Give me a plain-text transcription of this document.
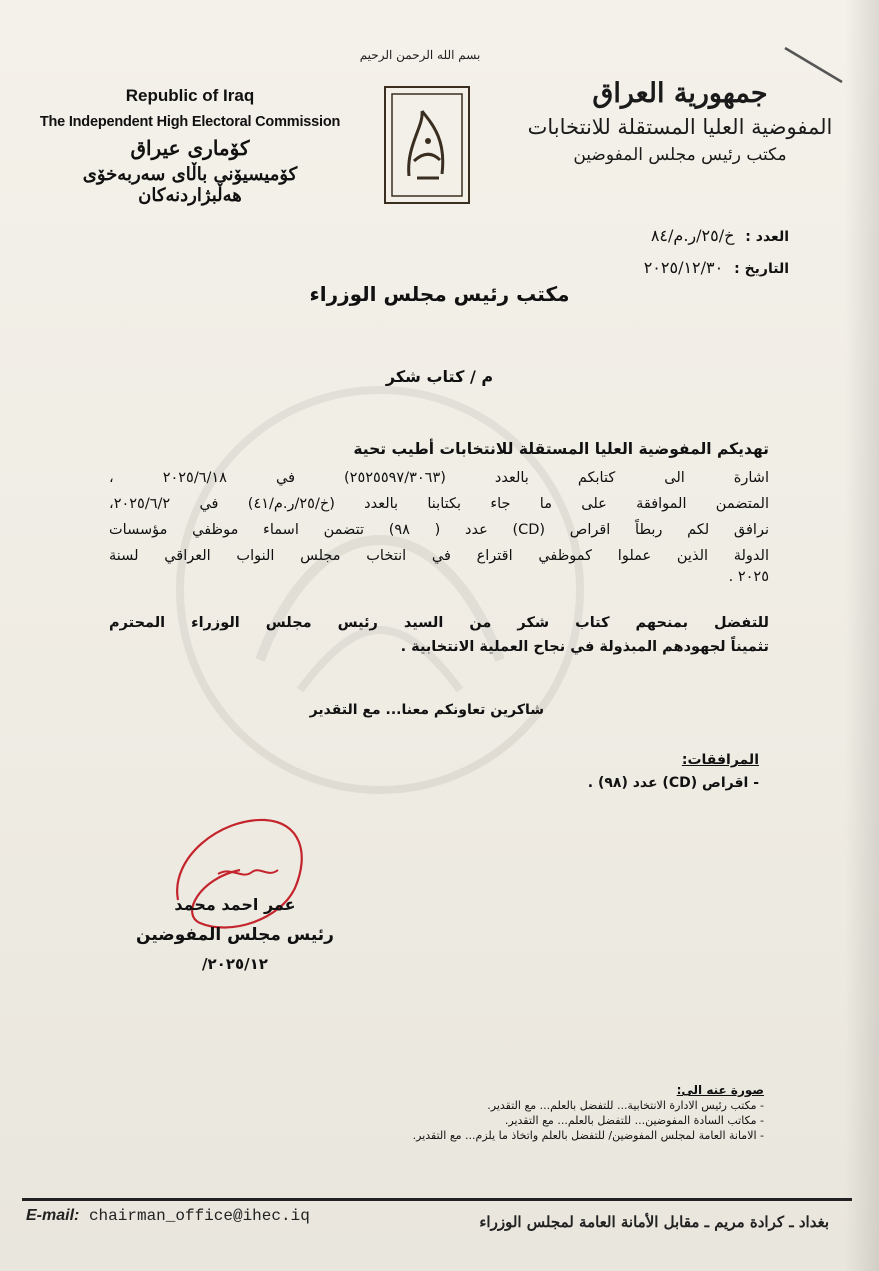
Republic of Iraq

The Independent High Electoral Commission

کۆماری عیراق

کۆمیسیۆنی باڵای سەربەخۆی هەڵبژاردنەکان

بسم الله الرحمن الرحيم

جمهورية العراق

المفوضية العليا المستقلة للانتخابات

مكتب رئيس مجلس المفوضين

العدد : خ/٢٥/ر.م/٨٤
التاريخ : ٢٠٢٥/١٢/٣٠
مكتب رئيس مجلس الوزراء
م / كتاب شكر
تهديكم المفوضية العليا المستقلة للانتخابات أطيب تحية
اشارة الى كتابكم بالعدد (٢٥٢٥٥٩٧/٣٠٦٣) في ٢٠٢٥/٦/١٨ ،
المتضمن الموافقة على ما جاء بكتابنا بالعدد (خ/٢٥/ر.م/٤١) في ٢٠٢٥/٦/٢،
نرافق لكم ربطاً اقراص (CD) عدد ( ٩٨) تتضمن اسماء موظفي مؤسسات
الدولة الذين عملوا كموظفي اقتراع في انتخاب مجلس النواب العراقي لسنة
٢٠٢٥ .
للتفضل بمنحهم كتاب شكر من السيد رئيس مجلس الوزراء المحترم
تثميناً لجهودهم المبذولة في نجاح العملية الانتخابية .
شاكرين تعاونكم معنا... مع التقدير
المرافقات:
- اقراص (CD) عدد (٩٨) .
عمر احمد محمد
رئيس مجلس المفوضين
٢٠٢٥/١٢/
صورة عنه الى:
- مكتب رئيس الادارة الانتخابية... للتفضل بالعلم... مع التقدير.
- مكاتب السادة المفوضين... للتفضل بالعلم... مع التقدير.
- الامانة العامة لمجلس المفوضين/ للتفضل بالعلم واتخاذ ما يلزم... مع التقدير.
E-mail: chairman_office@ihec.iq	بغداد ـ كرادة مريم ـ مقابل الأمانة العامة لمجلس الوزراء
